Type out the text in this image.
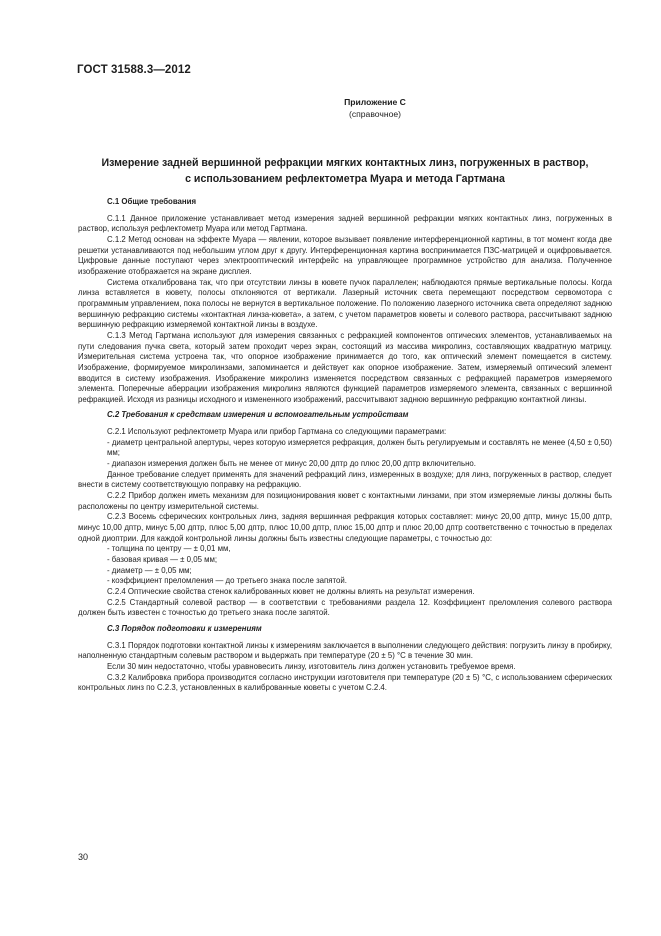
ГОСТ 31588.3—2012
Приложение С
(справочное)
Измерение задней вершинной рефракции мягких контактных линз, погруженных в раствор,
с использованием рефлектометра Муара и метода Гартмана

С.1 Общие требования

С.1.1 Данное приложение устанавливает метод измерения задней вершинной рефракции мягких контактных линз, погруженных в раствор, используя рефлектометр Муара или метод Гартмана.

С.1.2 Метод основан на эффекте Муара — явлении, которое вызывает появление интерференционной картины, в тот момент когда две решетки устанавливаются под небольшим углом друг к другу. Интерференционная картина воспринимается ПЗС-матрицей и оцифровывается. Цифровые данные поступают через электрооптический интерфейс на управляющее программное устройство для анализа. Полученное изображение отображается на экране дисплея.

Система откалибрована так, что при отсутствии линзы в кювете пучок параллелен; наблюдаются прямые вертикальные полосы. Когда линза вставляется в кювету, полосы отклоняются от вертикали. Лазерный источник света перемещают посредством сервомотора с программным управлением, пока полосы не вернутся в вертикальное положение. По положению лазерного источника света определяют заднюю вершинную рефракцию системы «контактная линза-кювета», а затем, с учетом параметров кюветы и солевого раствора, рассчитывают заднюю вершинную рефракцию измеряемой контактной линзы в воздухе.

С.1.3 Метод Гартмана используют для измерения связанных с рефракцией компонентов оптических элементов, устанавливаемых на пути следования пучка света, который затем проходит через экран, состоящий из массива микролинз, составляющих квадратную матрицу. Измерительная система устроена так, что опорное изображение принимается до того, как оптический элемент помещается в систему. Изображение, формируемое микролинзами, запоминается и действует как опорное изображение. Затем, измеряемый оптический элемент вводится в систему изображения. Изображение микролинз изменяется посредством связанных с рефракцией параметров измеряемого элемента. Поперечные аберрации изображения микролинз являются функцией параметров измеряемого элемента, связанных с вершинной рефракцией. Исходя из разницы исходного и измененного изображений, рассчитывают заднюю вершинную рефракцию контактной линзы.

С.2 Требования к средствам измерения и вспомогательным устройствам

С.2.1 Используют рефлектометр Муара или прибор Гартмана со следующими параметрами:

- диаметр центральной апертуры, через которую измеряется рефракция, должен быть регулируемым и составлять не менее (4,50 ± 0,50) мм;

- диапазон измерения должен быть не менее от минус 20,00 дптр до плюс 20,00 дптр включительно.

Данное требование следует применять для значений рефракций линз, измеренных в воздухе; для линз, погруженных в раствор, следует внести в систему соответствующую поправку на рефракцию.

С.2.2 Прибор должен иметь механизм для позиционирования кювет с контактными линзами, при этом измеряемые линзы должны быть расположены по центру измерительной системы.

С.2.3 Восемь сферических контрольных линз, задняя вершинная рефракция которых составляет: минус 20,00 дптр, минус 15,00 дптр, минус 10,00 дптр, минус 5,00 дптр, плюс 5,00 дптр, плюс 10,00 дптр, плюс 15,00 дптр и плюс 20,00 дптр соответственно с точностью в пределах одной диоптрии. Для каждой контрольной линзы должны быть известны следующие параметры, с точностью до:

- толщина по центру — ± 0,01 мм,

- базовая кривая — ± 0,05 мм;

- диаметр — ± 0,05 мм;

- коэффициент преломления — до третьего знака после запятой.

С.2.4 Оптические свойства стенок калиброванных кювет не должны влиять на результат измерения.

С.2.5 Стандартный солевой раствор — в соответствии с требованиями раздела 12. Коэффициент преломления солевого раствора должен быть известен с точностью до третьего знака после запятой.

С.3 Порядок подготовки к измерениям

С.3.1 Порядок подготовки контактной линзы к измерениям заключается в выполнении следующего действия: погрузить линзу в пробирку, наполненную стандартным солевым раствором и выдержать при температуре (20 ± 5) °С в течение 30 мин.

Если 30 мин недостаточно, чтобы уравновесить линзу, изготовитель линз должен установить требуемое время.

С.3.2 Калибровка прибора производится согласно инструкции изготовителя при температуре (20 ± 5) °С, с использованием сферических контрольных линз по С.2.3, установленных в калиброванные кюветы с учетом С.2.4.

30
